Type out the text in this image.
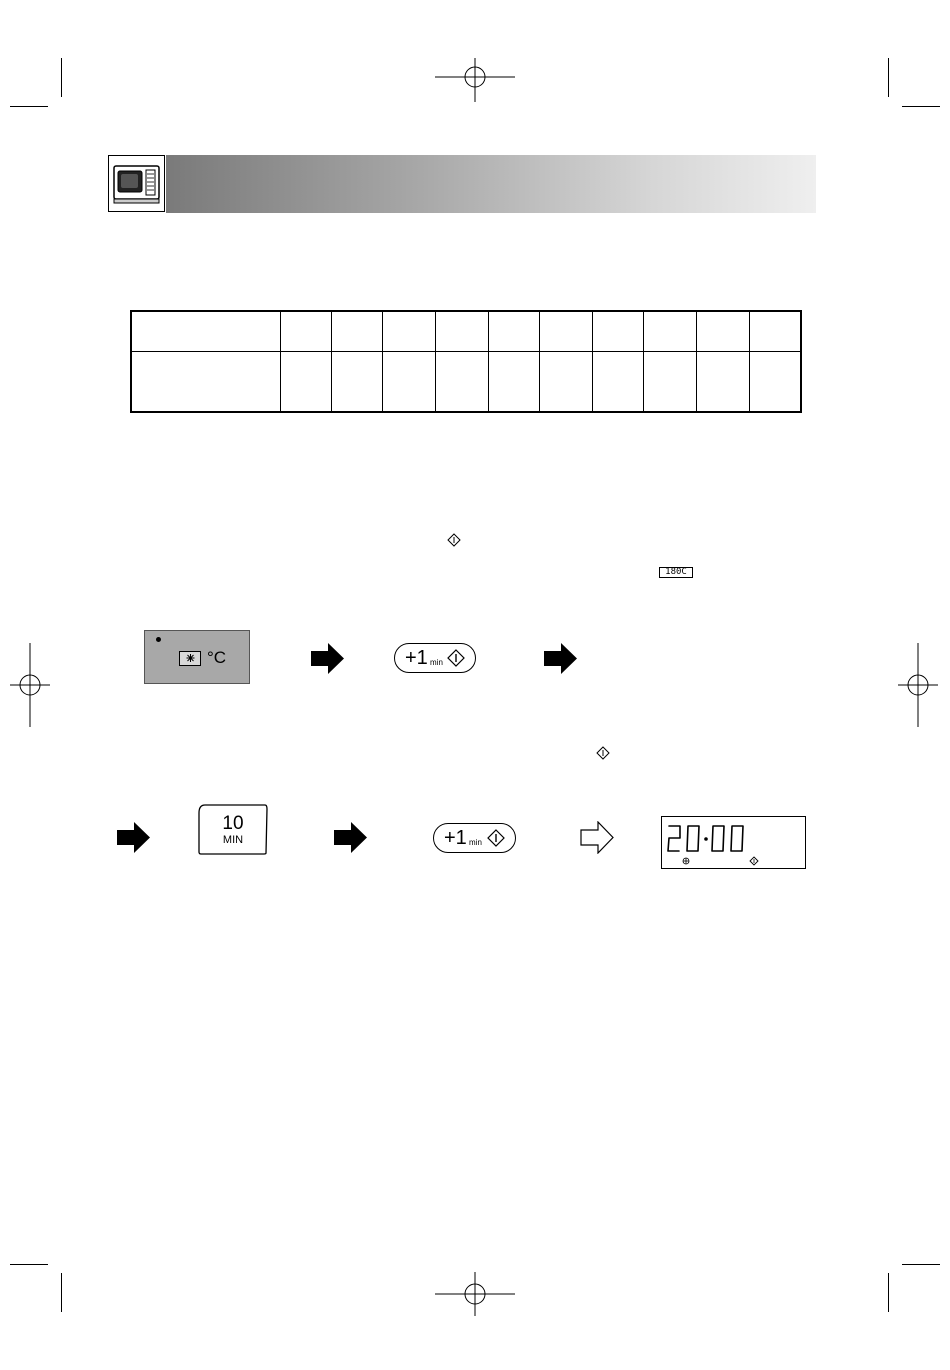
180C
°C	+1 min
10
MIN	+1 min
